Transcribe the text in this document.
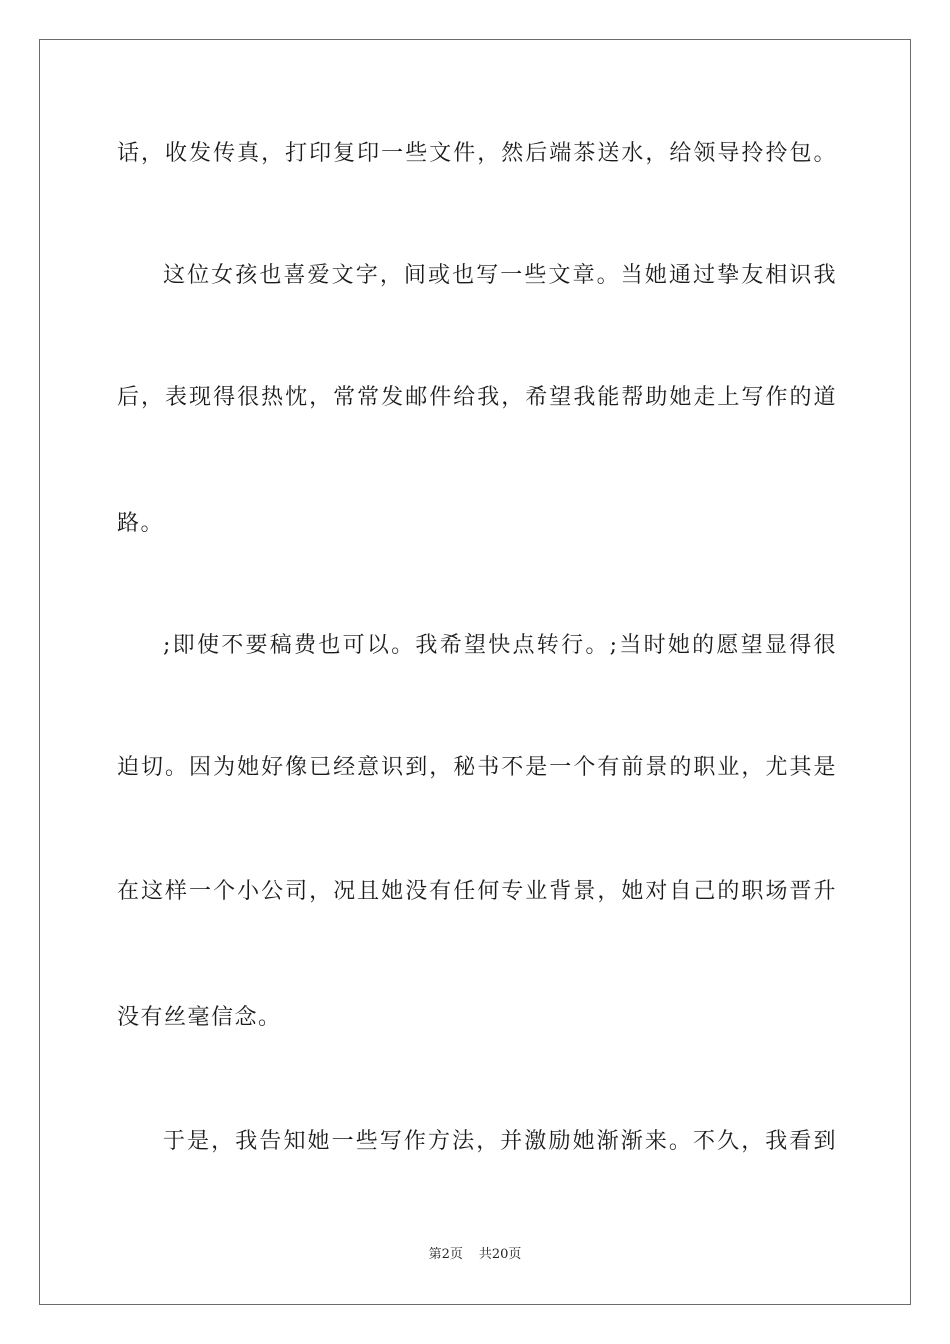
话，收发传真，打印复印一些文件，然后端茶送水，给领导拎拎包。
这位女孩也喜爱文字，间或也写一些文章。当她通过挚友相识我
后，表现得很热忱，常常发邮件给我，希望我能帮助她走上写作的道
路。
;即使不要稿费也可以。我希望快点转行。;当时她的愿望显得很
迫切。因为她好像已经意识到，秘书不是一个有前景的职业，尤其是
在这样一个小公司，况且她没有任何专业背景，她对自己的职场晋升
没有丝毫信念。
于是，我告知她一些写作方法，并激励她渐渐来。不久，我看到
第2页 共20页
